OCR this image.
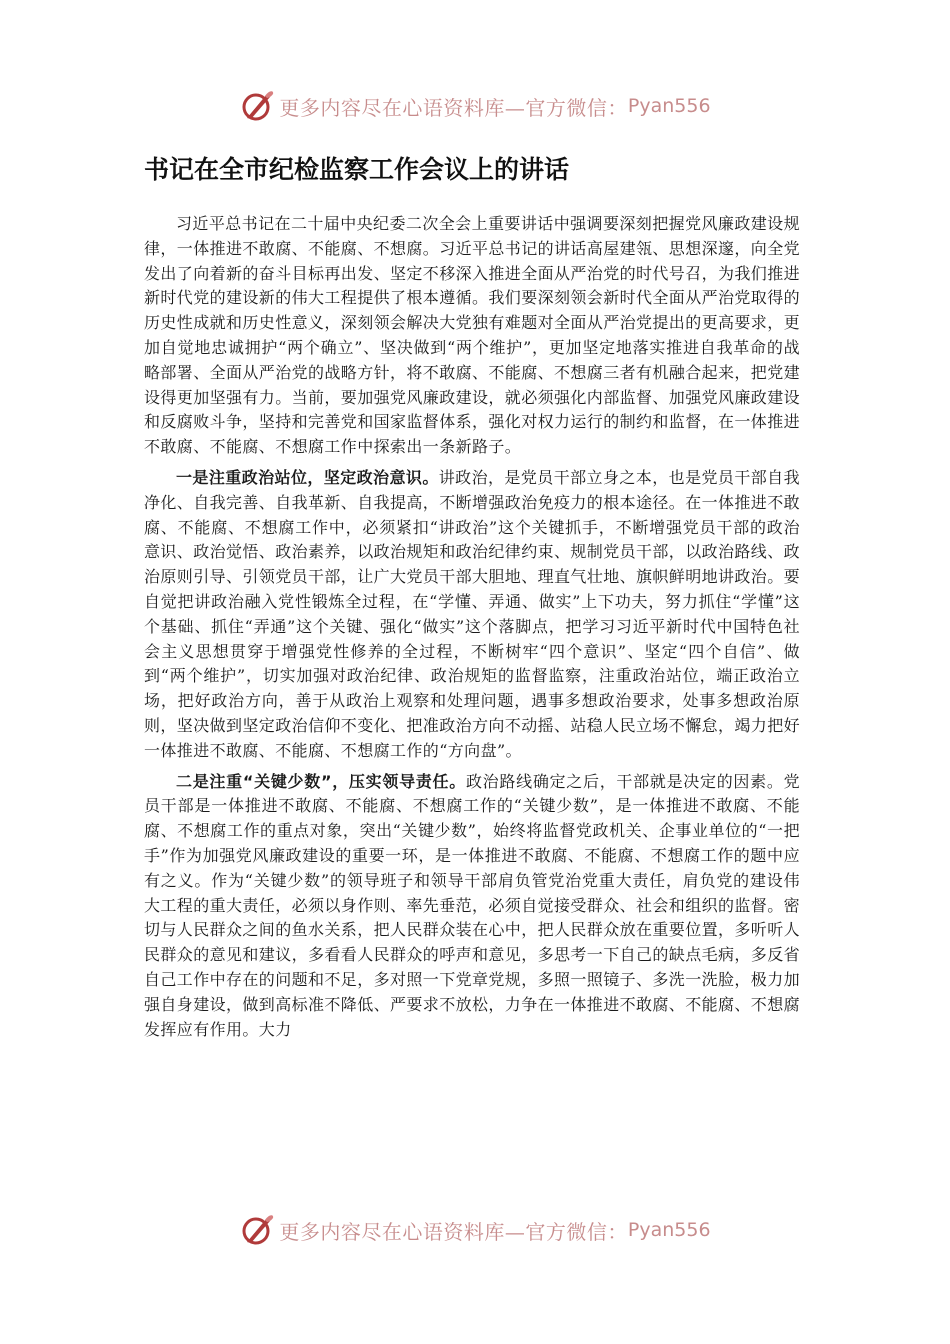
更多内容尽在心语资料库—官方微信： Pyan556
书记在全市纪检监察工作会议上的讲话

习近平总书记在二十届中央纪委二次全会上重要讲话中强调要深刻把握党风廉政建设规律，一体推进不敢腐、不能腐、不想腐。习近平总书记的讲话高屋建瓴、思想深邃，向全党发出了向着新的奋斗目标再出发、坚定不移深入推进全面从严治党的时代号召，为我们推进新时代党的建设新的伟大工程提供了根本遵循。我们要深刻领会新时代全面从严治党取得的历史性成就和历史性意义，深刻领会解决大党独有难题对全面从严治党提出的更高要求，更加自觉地忠诚拥护“两个确立”、坚决做到“两个维护”，更加坚定地落实推进自我革命的战略部署、全面从严治党的战略方针，将不敢腐、不能腐、不想腐三者有机融合起来，把党建设得更加坚强有力。当前，要加强党风廉政建设，就必须强化内部监督、加强党风廉政建设和反腐败斗争，坚持和完善党和国家监督体系，强化对权力运行的制约和监督，在一体推进不敢腐、不能腐、不想腐工作中探索出一条新路子。

一是注重政治站位，坚定政治意识。讲政治，是党员干部立身之本，也是党员干部自我净化、自我完善、自我革新、自我提高，不断增强政治免疫力的根本途径。在一体推进不敢腐、不能腐、不想腐工作中，必须紧扣“讲政治”这个关键抓手，不断增强党员干部的政治意识、政治觉悟、政治素养，以政治规矩和政治纪律约束、规制党员干部，以政治路线、政治原则引导、引领党员干部，让广大党员干部大胆地、理直气壮地、旗帜鲜明地讲政治。要自觉把讲政治融入党性锻炼全过程，在“学懂、弄通、做实”上下功夫，努力抓住“学懂”这个基础、抓住“弄通”这个关键、强化“做实”这个落脚点，把学习习近平新时代中国特色社会主义思想贯穿于增强党性修养的全过程，不断树牢“四个意识”、坚定“四个自信”、做到“两个维护”，切实加强对政治纪律、政治规矩的监督监察，注重政治站位，端正政治立场，把好政治方向，善于从政治上观察和处理问题，遇事多想政治要求，处事多想政治原则，坚决做到坚定政治信仰不变化、把准政治方向不动摇、站稳人民立场不懈怠，竭力把好一体推进不敢腐、不能腐、不想腐工作的“方向盘”。

二是注重“关键少数”，压实领导责任。政治路线确定之后，干部就是决定的因素。党员干部是一体推进不敢腐、不能腐、不想腐工作的“关键少数”，是一体推进不敢腐、不能腐、不想腐工作的重点对象，突出“关键少数”，始终将监督党政机关、企事业单位的“一把手”作为加强党风廉政建设的重要一环，是一体推进不敢腐、不能腐、不想腐工作的题中应有之义。作为“关键少数”的领导班子和领导干部肩负管党治党重大责任，肩负党的建设伟大工程的重大责任，必须以身作则、率先垂范，必须自觉接受群众、社会和组织的监督。密切与人民群众之间的鱼水关系，把人民群众装在心中，把人民群众放在重要位置，多听听人民群众的意见和建议，多看看人民群众的呼声和意见，多思考一下自己的缺点毛病，多反省自己工作中存在的问题和不足，多对照一下党章党规，多照一照镜子、多洗一洗脸，极力加强自身建设，做到高标准不降低、严要求不放松，力争在一体推进不敢腐、不能腐、不想腐发挥应有作用。大力

更多内容尽在心语资料库—官方微信： Pyan556
